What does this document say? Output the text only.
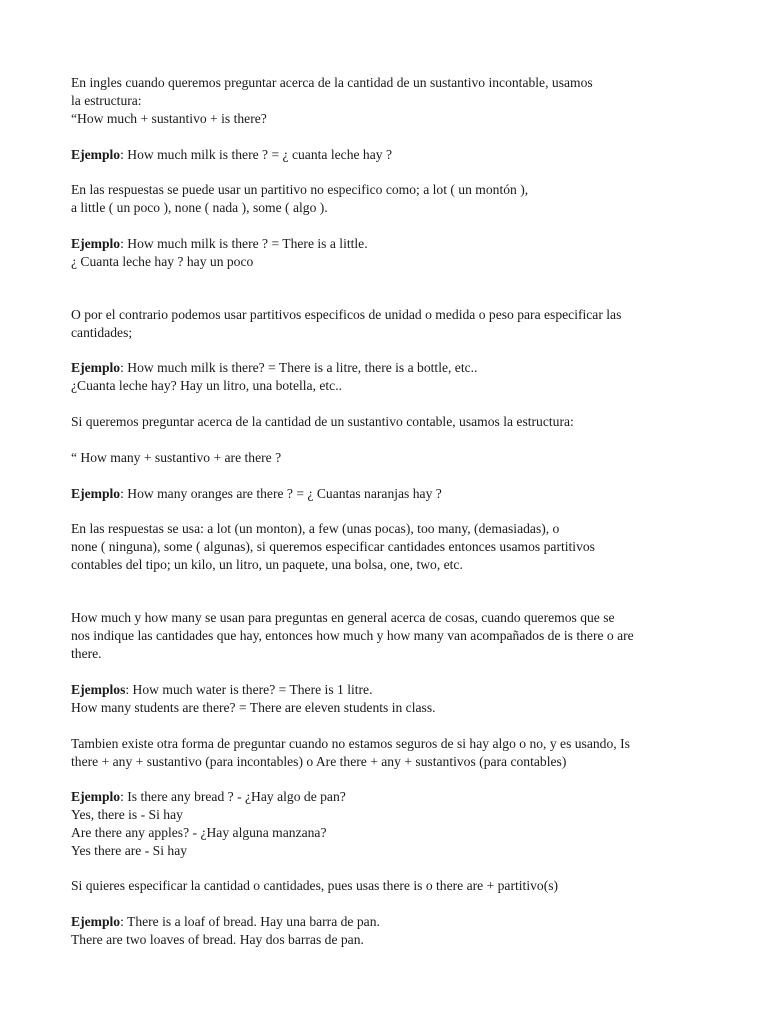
En ingles cuando queremos preguntar acerca de la cantidad de un sustantivo incontable, usamos
la estructura:
“How much + sustantivo + is there?
Ejemplo: How much milk is there ? = ¿ cuanta leche hay ?
En las respuestas se puede usar un partitivo no especifico como; a lot ( un montón ),
a little ( un poco ), none ( nada ), some ( algo ).
Ejemplo: How much milk is there ? = There is a little.
¿ Cuanta leche hay ? hay un poco
O por el contrario podemos usar partitivos especificos de unidad o medida o peso para especificar las
cantidades;
Ejemplo: How much milk is there? = There is a litre, there is a bottle, etc..
¿Cuanta leche hay? Hay un litro, una botella, etc..
Si queremos preguntar acerca de la cantidad de un sustantivo contable, usamos la estructura:
“ How many + sustantivo + are there ?
Ejemplo: How many oranges are there ? = ¿ Cuantas naranjas hay ?
En las respuestas se usa: a lot (un monton), a few (unas pocas), too many, (demasiadas), o
none ( ninguna), some ( algunas), si queremos especificar cantidades entonces usamos partitivos
contables del tipo; un kilo, un litro, un paquete, una bolsa, one, two, etc.
How much y how many se usan para preguntas en general acerca de cosas, cuando queremos que se
nos indique las cantidades que hay, entonces how much y how many van acompañados de is there o are
there.
Ejemplos: How much water is there? = There is 1 litre.
How many students are there? = There are eleven students in class.
Tambien existe otra forma de preguntar cuando no estamos seguros de si hay algo o no, y es usando, Is
there + any + sustantivo (para incontables) o Are there + any + sustantivos (para contables)
Ejemplo: Is there any bread ? - ¿Hay algo de pan?
Yes, there is - Si hay
Are there any apples? - ¿Hay alguna manzana?
Yes there are - Si hay
Si quieres especificar la cantidad o cantidades, pues usas there is o there are + partitivo(s)
Ejemplo: There is a loaf of bread. Hay una barra de pan.
There are two loaves of bread. Hay dos barras de pan.
